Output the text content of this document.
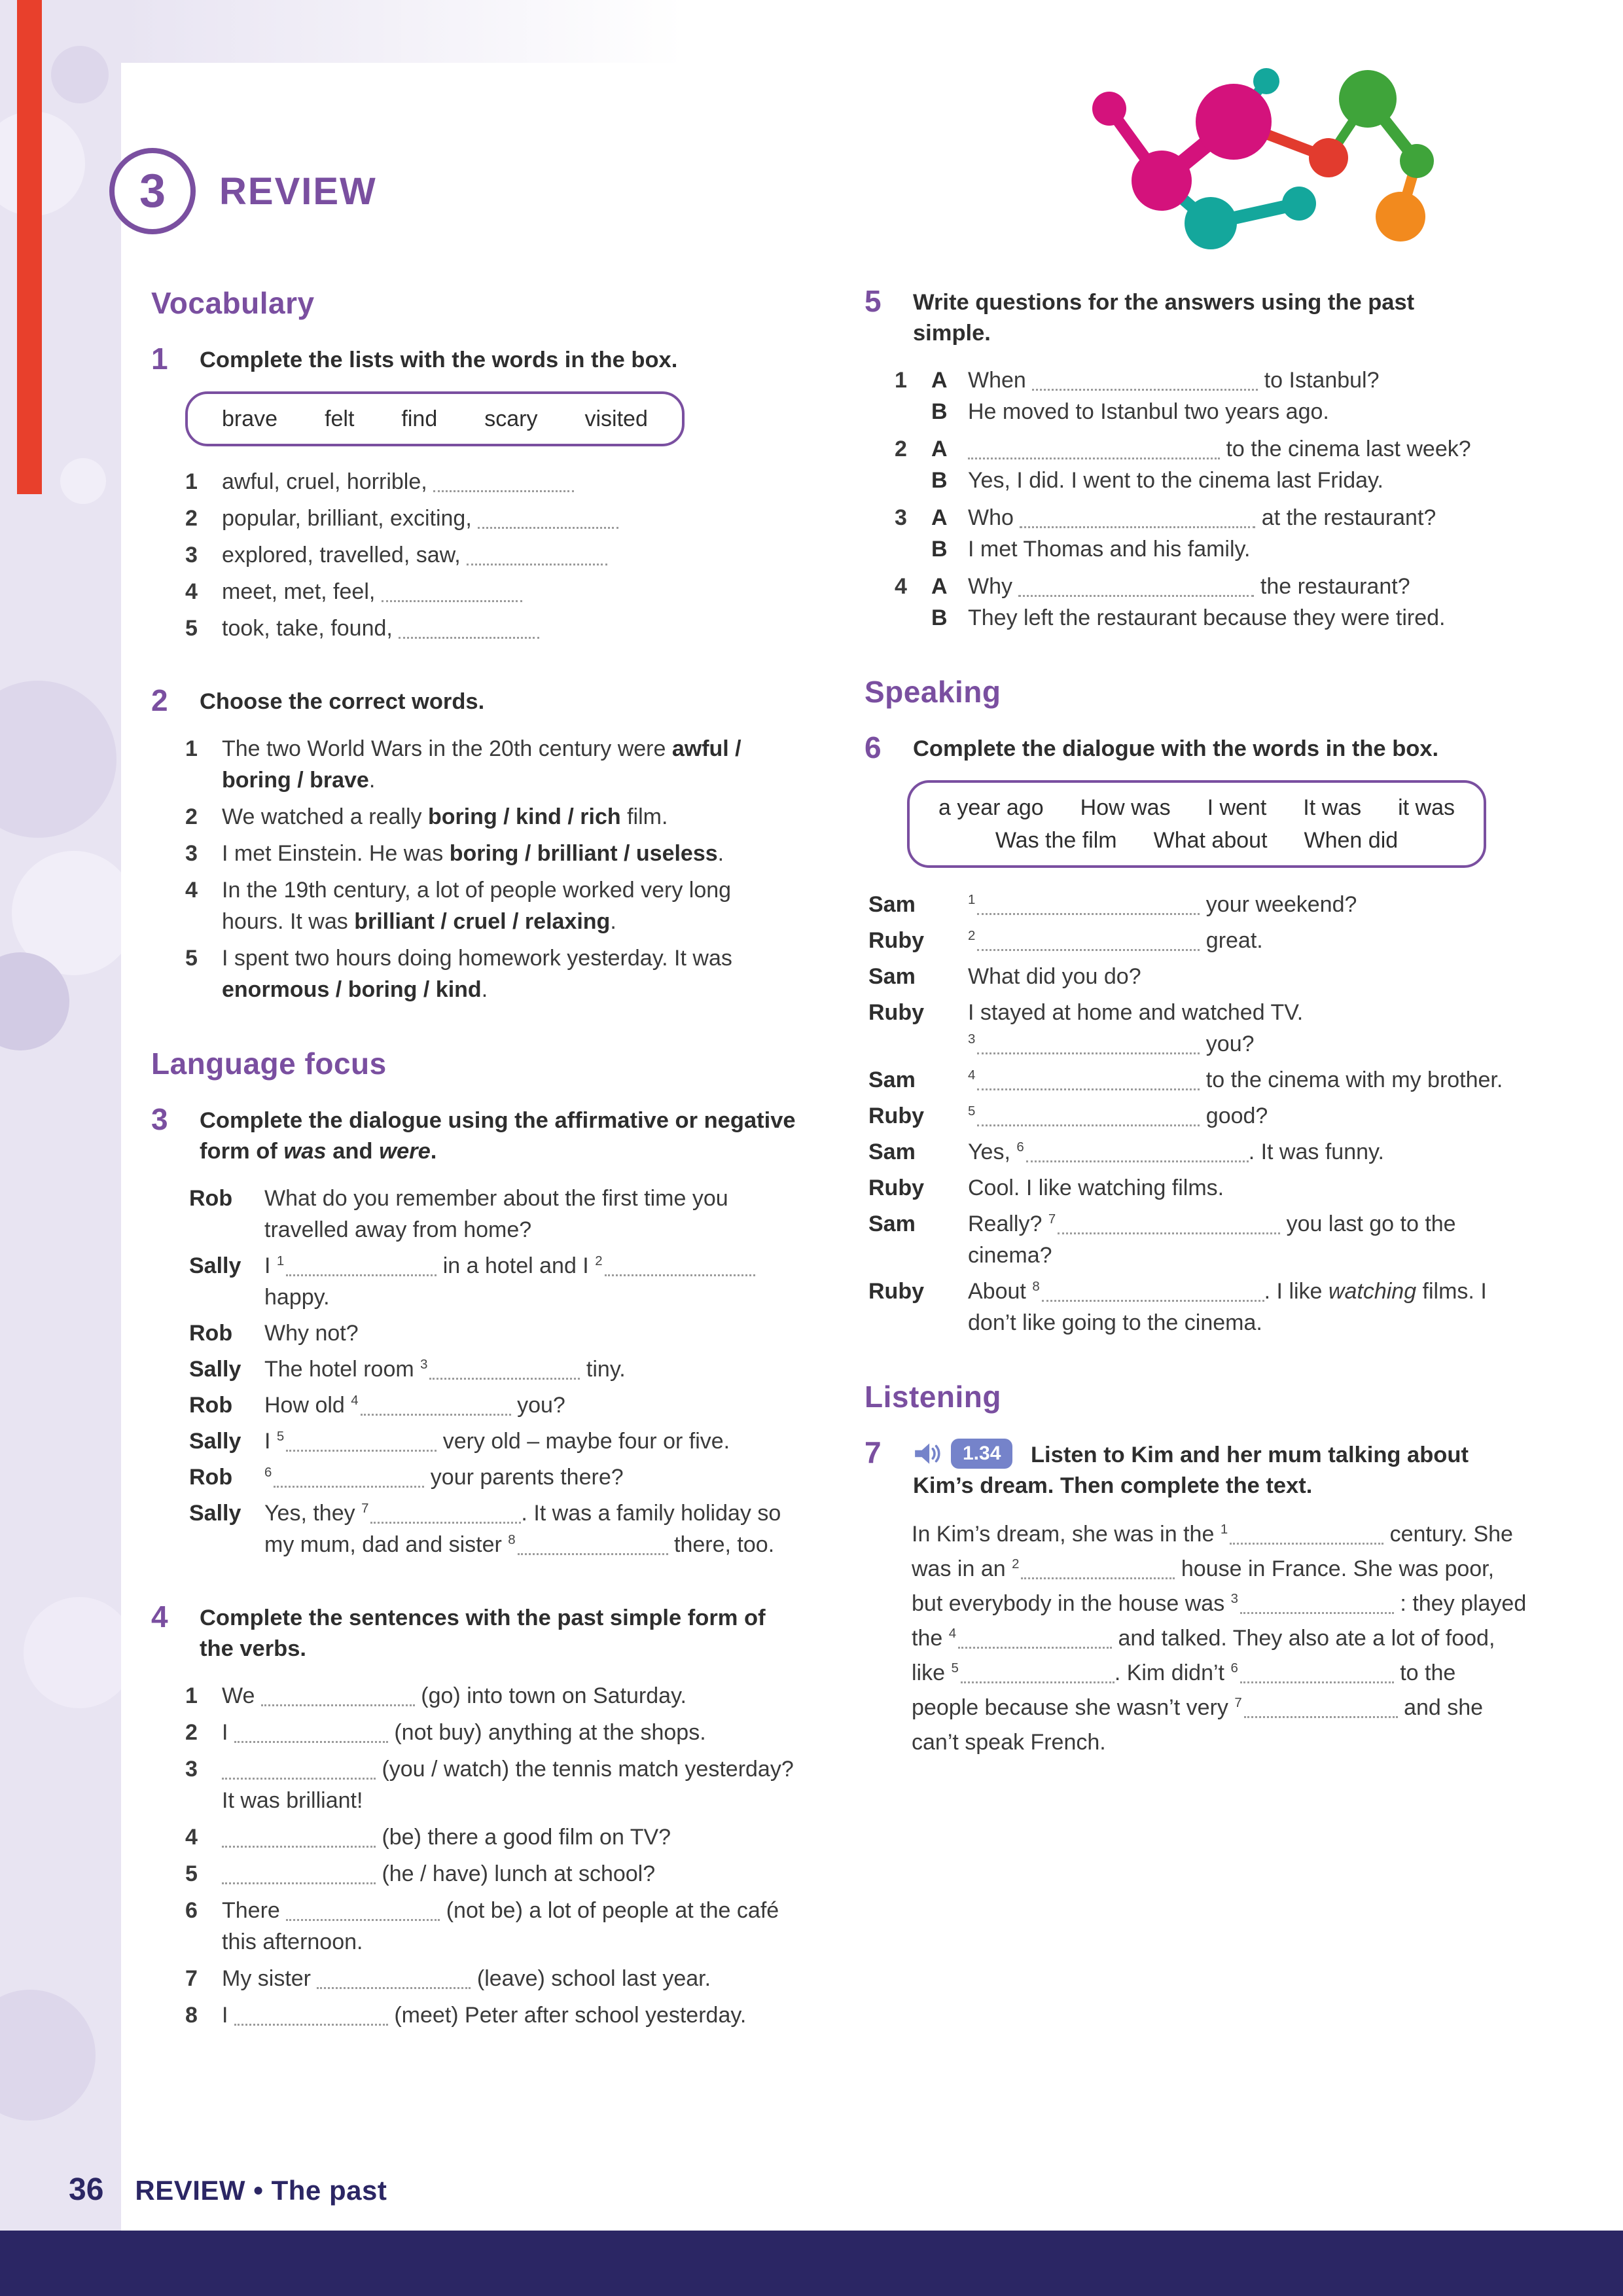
3 REVIEW
Vocabulary
1	Complete the lists with the words in the box.
brave felt find scary visited
1	awful, cruel, horrible,
2	popular, brilliant, exciting,
3	explored, travelled, saw,
4	meet, met, feel,
5	took, take, found,
2	Choose the correct words.
1	The two World Wars in the 20th century were awful / boring / brave.
2	We watched a really boring / kind / rich film.
3	I met Einstein. He was boring / brilliant / useless.
4	In the 19th century, a lot of people worked very long hours. It was brilliant / cruel / relaxing.
5	I spent two hours doing homework yesterday. It was enormous / boring / kind.
Language focus
3	Complete the dialogue using the affirmative or negative form of was and were.
Rob	What do you remember about the first time you travelled away from home?
Sally	I $^1$	in a hotel and I $^2$ happy.
Rob	Why not?
Sally	The hotel room $^3$	tiny.
Rob	How old $^4$	you?
Sally	I $^5$	very old – maybe four or five.
Rob	$^6$	your parents there?
Sally	Yes, they $^7$	. It was a family holiday so my mum, dad and sister $^8$	there, too.
4	Complete the sentences with the past simple form of the verbs.
1	We	(go) into town on Saturday.
2	I	(not buy) anything at the shops.
3	(you / watch) the tennis match yesterday? It was brilliant!
4	(be) there a good film on TV?
5	(he / have) lunch at school?
6	There	(not be) a lot of people at the café this afternoon.
7	My sister	(leave) school last year.
8	I	(meet) Peter after school yesterday.
5	Write questions for the answers using the past simple.
1	A When	to Istanbul?
B He moved to Istanbul two years ago.
2	A	to the cinema last week?
B Yes, I did. I went to the cinema last Friday.
3	A Who	at the restaurant?
B I met Thomas and his family.
4	A Why	the restaurant?
B They left the restaurant because they were tired.
Speaking
6	Complete the dialogue with the words in the box.
a year ago How was I went It was it was
Was the film What about When did
Sam	$^1$	your weekend?
Ruby	$^2$	great.
Sam	What did you do?
Ruby	I stayed at home and watched TV.
$^3$	you?
Sam	$^4$	to the cinema with my brother.
Ruby	$^5$	good?
Sam	Yes, $^6$	. It was funny.
Ruby	Cool. I like watching films.
Sam	Really? $^7$	you last go to the cinema?
Ruby	About $^8$	. I like watching films. I don’t like going to the cinema.
Listening
7	1.34	Listen to Kim and her mum talking about Kim’s dream. Then complete the text.

In Kim’s dream, she was in the $^1$	century. She was in an $^2$	house in France. She was poor, but everybody in the house was $^3$	: they played the $^4$	and talked. They also ate a lot of food, like $^5$	. Kim didn’t $^6$	to the people because she wasn’t very $^7$	and she can’t speak French.

36 REVIEW • The past
